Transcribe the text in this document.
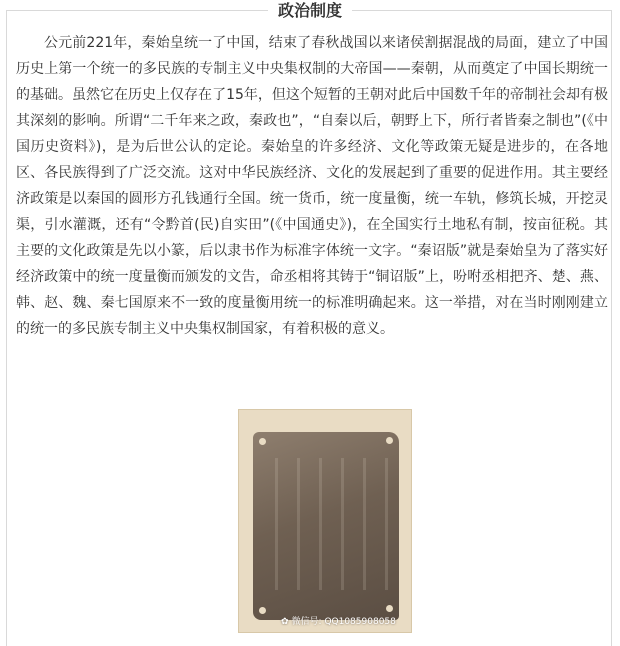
政治制度

公元前221年，秦始皇统一了中国，结束了春秋战国以来诸侯割据混战的局面，建立了中国历史上第一个统一的多民族的专制主义中央集权制的大帝国——秦朝，从而奠定了中国长期统一的基础。虽然它在历史上仅存在了15年，但这个短暂的王朝对此后中国数千年的帝制社会却有极其深刻的影响。所谓“二千年来之政，秦政也”，“自秦以后，朝野上下，所行者皆秦之制也”(《中国历史资料》)，是为后世公认的定论。秦始皇的许多经济、文化等政策无疑是进步的，在各地区、各民族得到了广泛交流。这对中华民族经济、文化的发展起到了重要的促进作用。其主要经济政策是以秦国的圆形方孔钱通行全国。统一货币，统一度量衡，统一车轨，修筑长城，开挖灵渠，引水灌溉，还有“令黔首(民)自实田”(《中国通史》)，在全国实行土地私有制，按亩征税。其主要的文化政策是先以小篆，后以隶书作为标准字体统一文字。“秦诏版”就是秦始皇为了落实好经济政策中的统一度量衡而颁发的文告，命丞相将其铸于“铜诏版”上，吩咐丞相把齐、楚、燕、韩、赵、魏、秦七国原来不一致的度量衡用统一的标准明确起来。这一举措，对在当时刚刚建立的统一的多民族专制主义中央集权制国家，有着积极的意义。

✿ 微信号: QQ1085908058
